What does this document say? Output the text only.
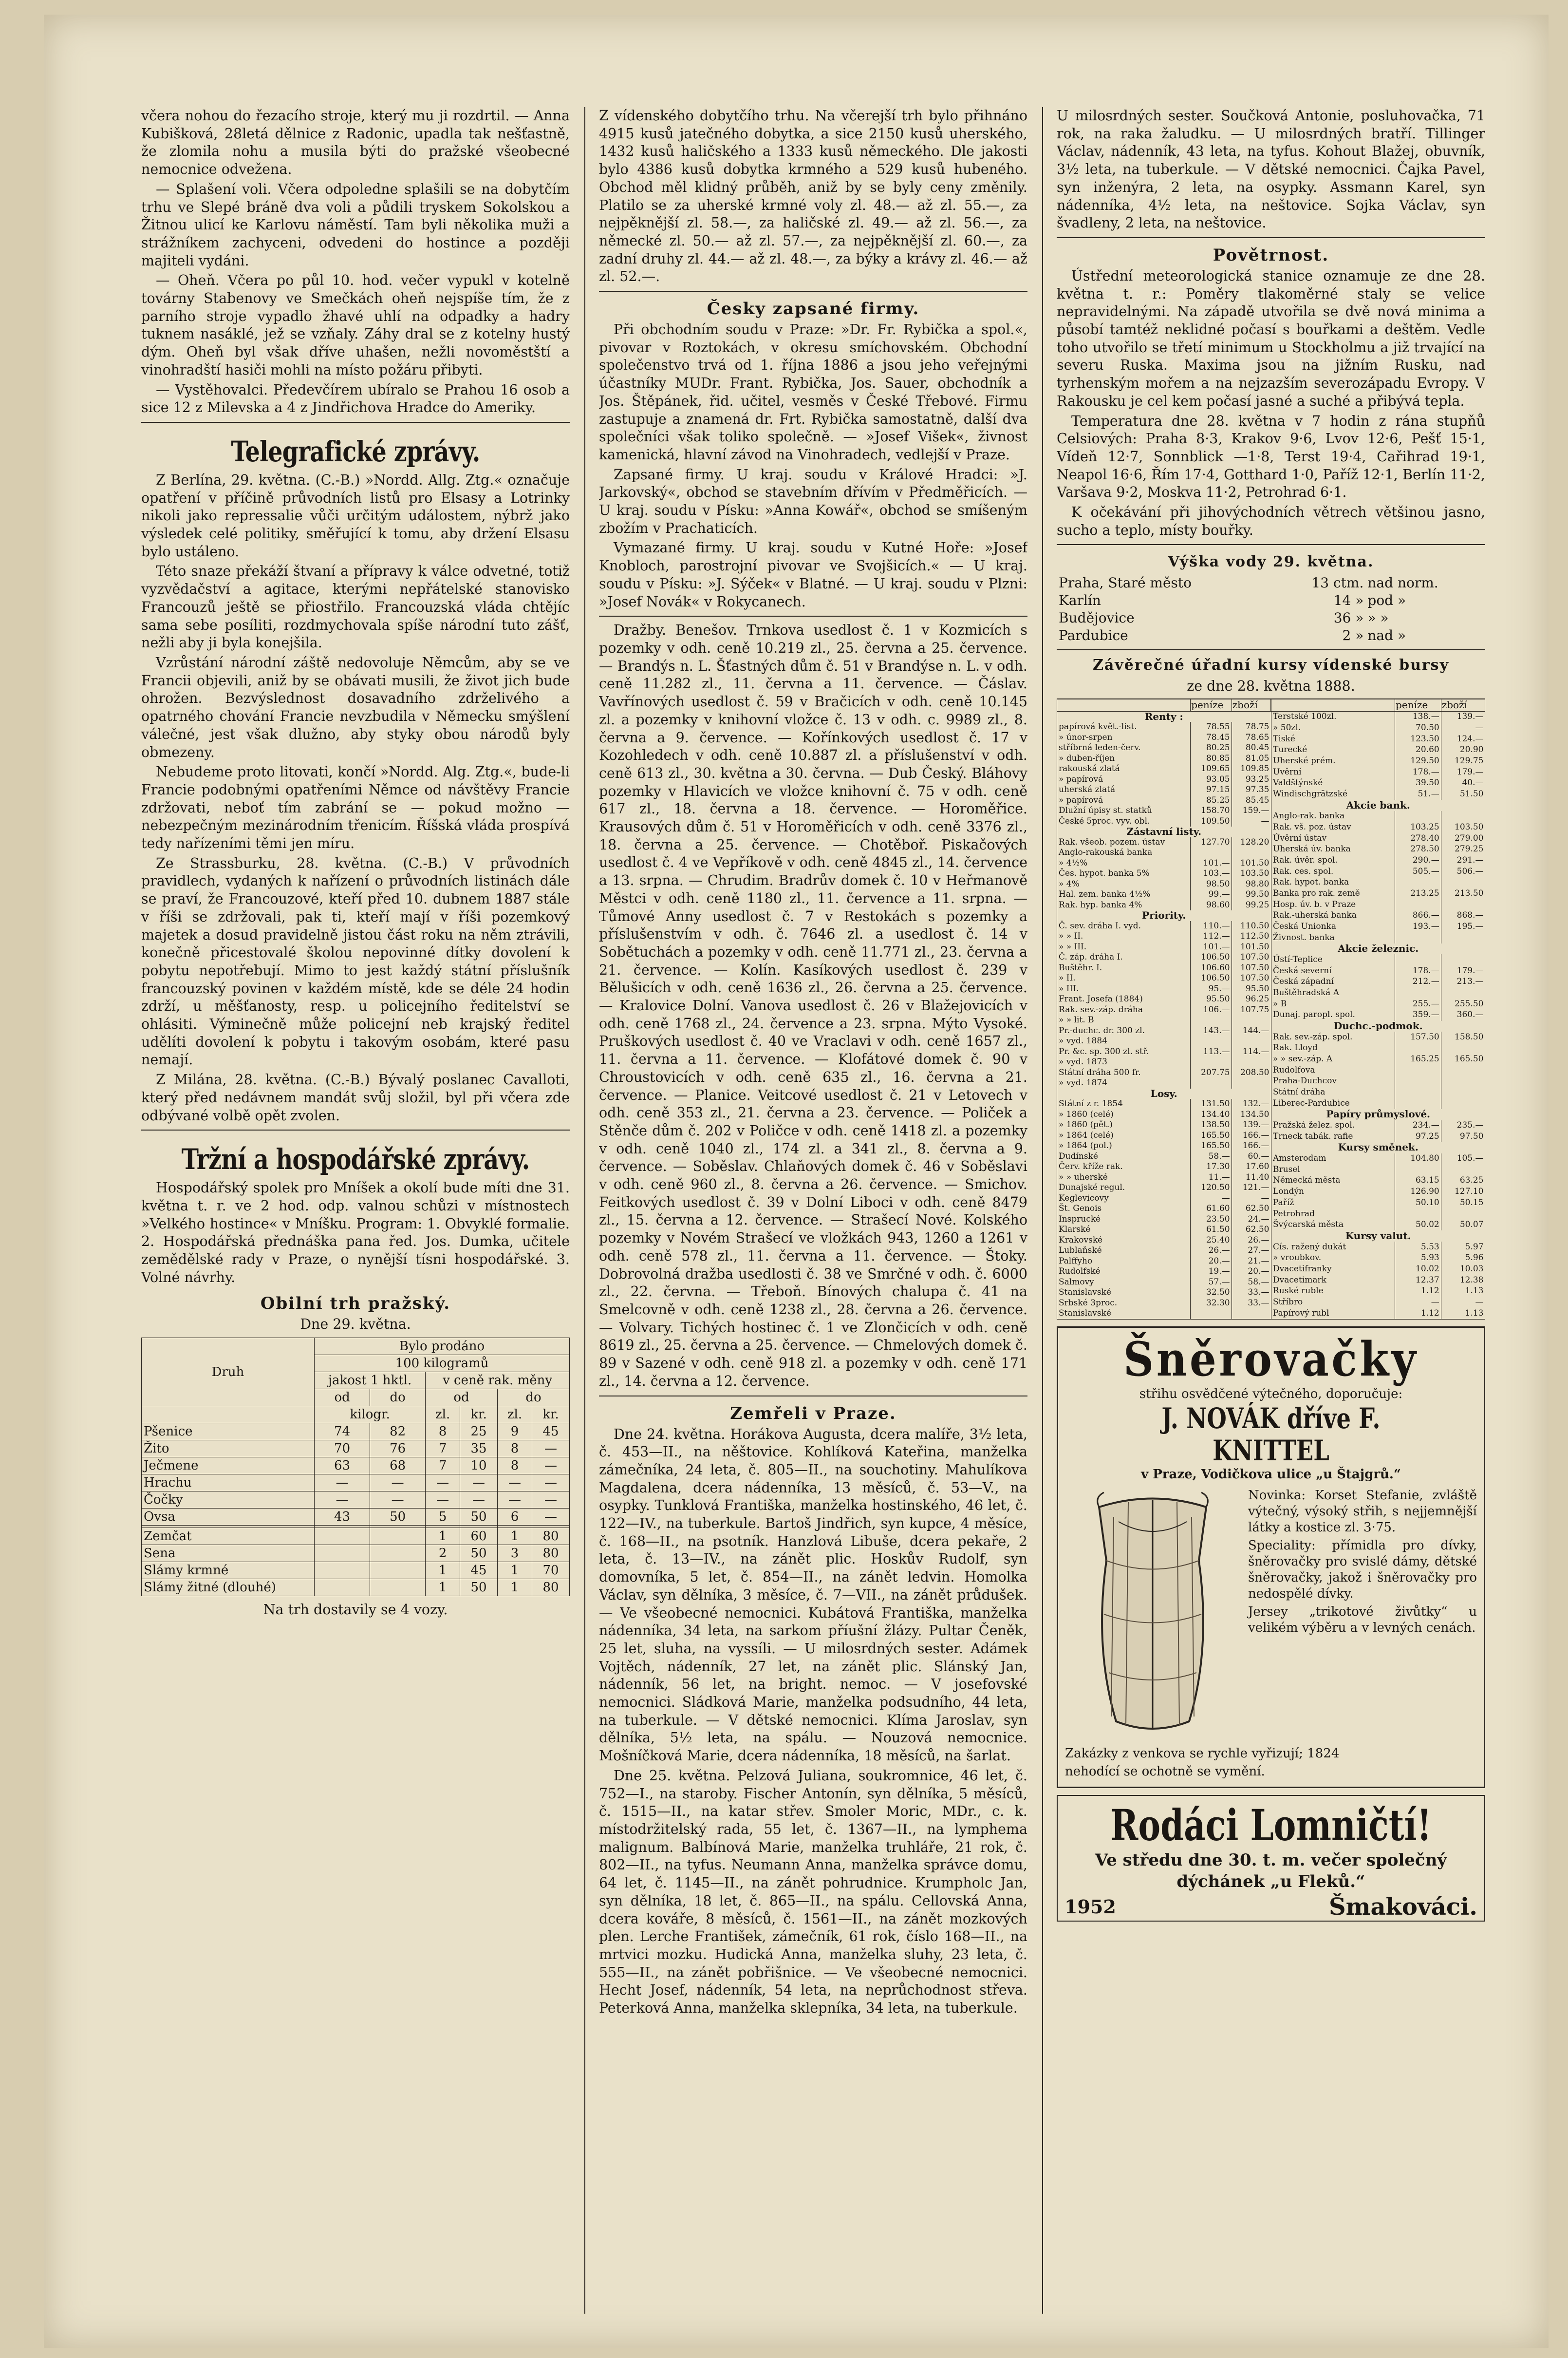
včera nohou do řezacího stroje, který mu ji rozdrtil. — Anna Kubišková, 28letá dělnice z Radonic, upadla tak nešťastně, že zlomila nohu a musila býti do pražské všeobecné nemocnice odvežena.

— Splašení voli. Včera odpoledne splašili se na dobytčím trhu ve Slepé bráně dva voli a půdili tryskem Sokolskou a Žitnou ulicí ke Karlovu náměstí. Tam byli několika muži a strážníkem zachyceni, odvedeni do hostince a později majiteli vydáni.

— Oheň. Včera po půl 10. hod. večer vypukl v kotelně továrny Stabenovy ve Smečkách oheň nejspíše tím, že z parního stroje vypadlo žhavé uhlí na odpadky a hadry tuknem nasáklé, jež se vzňaly. Záhy dral se z kotelny hustý dým. Oheň byl však dříve uhašen, nežli novoměstští a vinohradští hasiči mohli na místo požáru přibyti.

— Vystěhovalci. Předevčírem ubíralo se Prahou 16 osob a sice 12 z Milevska a 4 z Jindřichova Hradce do Ameriky.

Telegrafické zprávy.

Z Berlína, 29. května. (C.-B.) »Nordd. Allg. Ztg.« označuje opatření v příčině průvodních listů pro Elsasy a Lotrinky nikoli jako repressalie vůči určitým událostem, nýbrž jako výsledek celé politiky, směřující k tomu, aby držení Elsasu bylo ustáleno.

Této snaze překáží štvaní a přípravy k válce odvetné, totiž vyzvědačství a agitace, kterými nepřátelské stanovisko Francouzů ještě se přiostřilo. Francouzská vláda chtějíc sama sebe posíliti, rozdmychovala spíše národní tuto zášť, nežli aby ji byla konejšila.

Vzrůstání národní záště nedovoluje Němcům, aby se ve Francii objevili, aniž by se obávati musili, že život jich bude ohrožen. Bezvýslednost dosavadního zdrželivého a opatrného chování Francie nevzbudila v Německu smýšlení válečné, jest však dlužno, aby styky obou národů byly obmezeny.

Nebudeme proto litovati, končí »Nordd. Alg. Ztg.«, bude-li Francie podobnými opatřeními Němce od návštěvy Francie zdržovati, neboť tím zabrání se — pokud možno — nebezpečným mezinárodním třenicím. Říšská vláda prospívá tedy nařízeními těmi jen míru.

Ze Strassburku, 28. května. (C.-B.) V průvodních pravidlech, vydaných k nařízení o průvodních listinách dále se praví, že Francouzové, kteří před 10. dubnem 1887 stále v říši se zdržovali, pak ti, kteří mají v říši pozemkový majetek a dosud pravidelně jistou část roku na něm ztrávili, konečně přicestovalé školou nepovinné dítky dovolení k pobytu nepotřebují. Mimo to jest každý státní příslušník francouzský povinen v každém místě, kde se déle 24 hodin zdrží, u měšťanosty, resp. u policejního ředitelství se ohlásiti. Výminečně může policejní neb krajský ředitel udělíti dovolení k pobytu i takovým osobám, které pasu nemají.

Z Milána, 28. května. (C.-B.) Bývalý poslanec Cavalloti, který před nedávnem mandát svůj složil, byl při včera zde odbývané volbě opět zvolen.

Tržní a hospodářské zprávy.

Hospodářský spolek pro Mníšek a okolí bude míti dne 31. května t. r. ve 2 hod. odp. valnou schůzi v místnostech »Velkého hostince« v Mníšku. Program: 1. Obvyklé formalie. 2. Hospodářská přednáška pana řed. Jos. Dumka, učitele zemědělské rady v Praze, o nynější tísni hospodářské. 3. Volné návrhy.

Obilní trh pražský.
Dne 29. května.
Druh	Bylo prodáno					
	100 kilogramů					
	jakost 1 hktl.		v ceně rak. měny			
	od	do	od		do	
	kilogr.		zl.	kr.	zl.	kr.
Pšenice	74	82	8	25	9	45
Žito	70	76	7	35	8	—
Ječmene	63	68	7	10	8	—
Hrachu	—	—	—	—	—	—
Čočky	—	—	—	—	—	—
Ovsa	43	50	5	50	6	—

Zemčat			1	60	1	80
Sena			2	50	3	80
Slámy krmné			1	45	1	70
Slámy žitné (dlouhé)			1	50	1	80
Na trh dostavily se 4 vozy.

Z vídenského dobytčího trhu. Na včerejší trh bylo přihnáno 4915 kusů jatečného dobytka, a sice 2150 kusů uherského, 1432 kusů haličského a 1333 kusů německého. Dle jakosti bylo 4386 kusů dobytka krmného a 529 kusů hubeného. Obchod měl klidný průběh, aniž by se byly ceny změnily. Platilo se za uherské krmné voly zl. 48.— až zl. 55.—, za nejpěknější zl. 58.—, za haličské zl. 49.— až zl. 56.—, za německé zl. 50.— až zl. 57.—, za nejpěknější zl. 60.—, za zadní druhy zl. 44.— až zl. 48.—, za býky a krávy zl. 46.— až zl. 52.—.

Česky zapsané firmy.

Při obchodním soudu v Praze: »Dr. Fr. Rybička a spol.«, pivovar v Roztokách, v okresu smíchovském. Obchodní společenstvo trvá od 1. října 1886 a jsou jeho veřejnými účastníky MUDr. Frant. Rybička, Jos. Sauer, obchodník a Jos. Štěpánek, řid. učitel, vesměs v České Třebové. Firmu zastupuje a znamená dr. Frt. Rybička samostatně, další dva společníci však toliko společně. — »Josef Višek«, živnost kamenická, hlavní závod na Vinohradech, vedlejší v Praze.

Zapsané firmy. U kraj. soudu v Králové Hradci: »J. Jarkovský«, obchod se stavebním dřívím v Předměřicích. — U kraj. soudu v Písku: »Anna Kowář«, obchod se smíšeným zbožím v Prachaticích.

Vymazané firmy. U kraj. soudu v Kutné Hoře: »Josef Knobloch, parostrojní pivovar ve Svojšicích.« — U kraj. soudu v Písku: »J. Sýček« v Blatné. — U kraj. soudu v Plzni: »Josef Novák« v Rokycanech.

Dražby. Benešov. Trnkova usedlost č. 1 v Kozmicích s pozemky v odh. ceně 10.219 zl., 25. června a 25. července. — Brandýs n. L. Šťastných dům č. 51 v Brandýse n. L. v odh. ceně 11.282 zl., 11. června a 11. července. — Čáslav. Vavřínových usedlost č. 59 v Bračicích v odh. ceně 10.145 zl. a pozemky v knihovní vložce č. 13 v odh. c. 9989 zl., 8. června a 9. července. — Kořínkových usedlost č. 17 v Kozohledech v odh. ceně 10.887 zl. a příslušenství v odh. ceně 613 zl., 30. května a 30. června. — Dub Český. Bláhovy pozemky v Hlavicích ve vložce knihovní č. 75 v odh. ceně 617 zl., 18. června a 18. července. — Horoměřice. Krausových dům č. 51 v Horoměřicích v odh. ceně 3376 zl., 18. června a 25. července. — Chotěboř. Piskačových usedlost č. 4 ve Vepříkově v odh. ceně 4845 zl., 14. července a 13. srpna. — Chrudim. Bradrův domek č. 10 v Heřmanově Městci v odh. ceně 1180 zl., 11. července a 11. srpna. — Tůmové Anny usedlost č. 7 v Restokách s pozemky a příslušenstvím v odh. č. 7646 zl. a usedlost č. 14 v Sobětuchách a pozemky v odh. ceně 11.771 zl., 23. června a 21. července. — Kolín. Kasíkových usedlost č. 239 v Bělušicích v odh. ceně 1636 zl., 26. června a 25. července. — Kralovice Dolní. Vanova usedlost č. 26 v Blažejovicích v odh. ceně 1768 zl., 24. července a 23. srpna. Mýto Vysoké. Pruškových usedlost č. 40 ve Vraclavi v odh. ceně 1657 zl., 11. června a 11. července. — Klofátové domek č. 90 v Chroustovicích v odh. ceně 635 zl., 16. června a 21. července. — Planice. Veitcové usedlost č. 21 v Letovech v odh. ceně 353 zl., 21. června a 23. července. — Poliček a Stěnče dům č. 202 v Poličce v odh. ceně 1418 zl. a pozemky v odh. ceně 1040 zl., 174 zl. a 341 zl., 8. června a 9. července. — Soběslav. Chlaňových domek č. 46 v Soběslavi v odh. ceně 960 zl., 8. června a 26. července. — Smichov. Feitkových usedlost č. 39 v Dolní Liboci v odh. ceně 8479 zl., 15. června a 12. července. — Strašecí Nové. Kolského pozemky v Novém Strašecí ve vložkách 943, 1260 a 1261 v odh. ceně 578 zl., 11. června a 11. července. — Štoky. Dobrovolná dražba usedlosti č. 38 ve Smrčné v odh. č. 6000 zl., 22. června. — Třeboň. Bínových chalupa č. 41 na Smelcovně v odh. ceně 1238 zl., 28. června a 26. července. — Volvary. Tichých hostinec č. 1 ve Zlončicích v odh. ceně 8619 zl., 25. června a 25. července. — Chmelových domek č. 89 v Sazené v odh. ceně 918 zl. a pozemky v odh. ceně 171 zl., 14. června a 12. července.

Zemřeli v Praze.

Dne 24. května. Horákova Augusta, dcera malíře, 3½ leta, č. 453—II., na něštovice. Kohlíková Kateřina, manželka zámečníka, 24 leta, č. 805—II., na souchotiny. Mahulíkova Magdalena, dcera nádenníka, 13 měsíců, č. 53—V., na osypky. Tunklová Františka, manželka hostinského, 46 let, č. 122—IV., na tuberkule. Bartoš Jindřich, syn kupce, 4 měsíce, č. 168—II., na psotník. Hanzlová Libuše, dcera pekaře, 2 leta, č. 13—IV., na zánět plic. Hoskův Rudolf, syn domovníka, 5 let, č. 854—II., na zánět ledvin. Homolka Václav, syn dělníka, 3 měsíce, č. 7—VII., na zánět průdušek. — Ve všeobecné nemocnici. Kubátová Františka, manželka nádenníka, 34 leta, na sarkom příušní žlázy. Pultar Čeněk, 25 let, sluha, na vyssíli. — U milosrdných sester. Adámek Vojtěch, nádenník, 27 let, na zánět plic. Slánský Jan, nádenník, 56 let, na bright. nemoc. — V josefovské nemocnici. Sládková Marie, manželka podsudního, 44 leta, na tuberkule. — V dětské nemocnici. Klíma Jaroslav, syn dělníka, 5½ leta, na spálu. — Nouzová nemocnice. Mošníčková Marie, dcera nádenníka, 18 měsíců, na šarlat.

Dne 25. května. Pelzová Juliana, soukromnice, 46 let, č. 752—I., na staroby. Fischer Antonín, syn dělníka, 5 měsíců, č. 1515—II., na katar střev. Smoler Moric, MDr., c. k. místodržitelský rada, 55 let, č. 1367—II., na lymphema malignum. Balbínová Marie, manželka truhláře, 21 rok, č. 802—II., na tyfus. Neumann Anna, manželka správce domu, 64 let, č. 1145—II., na zánět pohrudnice. Krumpholc Jan, syn dělníka, 18 let, č. 865—II., na spálu. Cellovská Anna, dcera kováře, 8 měsíců, č. 1561—II., na zánět mozkových plen. Lerche František, zámečník, 61 rok, číslo 168—II., na mrtvici mozku. Hudická Anna, manželka sluhy, 23 leta, č. 555—II., na zánět pobřišnice. — Ve všeobecné nemocnici. Hecht Josef, nádenník, 54 leta, na neprůchodnost střeva. Peterková Anna, manželka sklepníka, 34 leta, na tuberkule.

U milosrdných sester. Součková Antonie, posluhovačka, 71 rok, na raka žaludku. — U milosrdných bratří. Tillinger Václav, nádenník, 43 leta, na tyfus. Kohout Blažej, obuvník, 3½ leta, na tuberkule. — V dětské nemocnici. Čajka Pavel, syn inženýra, 2 leta, na osypky. Assmann Karel, syn nádenníka, 4½ leta, na neštovice. Sojka Václav, syn švadleny, 2 leta, na neštovice.

Povětrnost.

Ústřední meteorologická stanice oznamuje ze dne 28. května t. r.: Poměry tlakoměrné staly se velice nepravidelnými. Na západě utvořila se dvě nová minima a působí tamtéž neklidné počasí s bouřkami a deštěm. Vedle toho utvořilo se třetí minimum u Stockholmu a již trvající na severu Ruska. Maxima jsou na jižním Rusku, nad tyrhenským mořem a na nejzazším severozápadu Evropy. V Rakousku je cel kem počasí jasné a suché a přibývá tepla.

Temperatura dne 28. května v 7 hodin z rána stupňů Celsiových: Praha 8·3, Krakov 9·6, Lvov 12·6, Pešť 15·1, Vídeň 12·7, Sonnblick —1·8, Terst 19·4, Cařihrad 19·1, Neapol 16·6, Řím 17·4, Gotthard 1·0, Paříž 12·1, Berlín 11·2, Varšava 9·2, Moskva 11·2, Petrohrad 6·1.

K očekávání při jihovýchodních větrech většinou jasno, sucho a teplo, místy bouřky.

Výška vody 29. května.
Praha, Staré město	13 ctm.	nad norm.
Karlín	14 »	pod »
Budějovice	36 »	» »
Pardubice	2 »	nad »
Závěrečné úřadní kursy vídenské bursy
ze dne 28. května 1888.
	peníze	zboží
Renty :		
papírová květ.-list.	78.55	78.75
» únor-srpen	78.45	78.65
stříbrná leden-červ.	80.25	80.45
» duben-říjen	80.85	81.05
rakouská zlatá	109.65	109.85
» papírová	93.05	93.25
uherská zlatá	97.15	97.35
» papírová	85.25	85.45
Dlužní úpisy st. statků	158.70	159.—

České 5proc. vyv. obl.	109.50	—
Zástavní listy.		
Rak. všeob. pozem. ústav	127.70	128.20
Anglo-rakouská banka		
» 4½%	101.—	101.50
Čes. hypot. banka 5%	103.—	103.50
» 4%	98.50	98.80
Hal. zem. banka 4½%	99.—	99.50
Rak. hyp. banka 4%	98.60	99.25
Priority.		
Č. sev. dráha I. vyd.	110.—	110.50
» » II.	112.—	112.50
» » III.	101.—	101.50
Č. záp. dráha I.	106.50	107.50
Buštěhr. I.	106.60	107.50
» II.	106.50	107.50
» III.	95.—	95.50
Frant. Josefa (1884)	95.50	96.25
Rak. sev.-záp. dráha	106.—	107.75
» » lit. B		
Pr.-duchc. dr. 300 zl.	143.—	144.—
» vyd. 1884		
Pr. &c. sp. 300 zl. stř.	113.—	114.—
» vyd. 1873		
Státní dráha 500 fr.	207.75	208.50
» vyd. 1874		
Losy.		
Státní z r. 1854	131.50	132.—
» 1860 (celé)	134.40	134.50
» 1860 (pět.)	138.50	139.—
» 1864 (celé)	165.50	166.—
» 1864 (pol.)	165.50	166.—
Dudínské	58.—	60.—
Červ. kříže rak.	17.30	17.60
» » uherské	11.—	11.40
Dunajské regul.	120.50	121.—
Keglevicovy	—	—
Št. Genois	61.60	62.50
Insprucké	23.50	24.—
Klarské	61.50	62.50
Krakovské	25.40	26.—
Lublaňské	26.—	27.—
Palffyho	20.—	21.—
Rudolfské	19.—	20.—
Salmovy	57.—	58.—
Stanislavské	32.50	33.—
Srbské 3proc.	32.30	33.—
Stanislavské		
	peníze	zboží
Terstské 100zl.	138.—	139.—
» 50zl.	70.50	—
Tiské	123.50	124.—
Turecké	20.60	20.90
Uherské prém.	129.50	129.75
Uvěrní	178.—	179.—
Valdštýnské	39.50	40.—
Windischgrätzské	51.—	51.50
Akcie bank.		
Anglo-rak. banka		
Rak. vš. poz. ústav	103.25	103.50
Úvěrní ústav	278.40	279.00
Uherská úv. banka	278.50	279.25
Rak. úvěr. spol.	290.—	291.—
Rak. ces. spol.	505.—	506.—
Rak. hypot. banka		
Banka pro rak. země	213.25	213.50
Hosp. úv. b. v Praze		
Rak.-uherská banka	866.—	868.—
Česká Unionka	193.—	195.—
Živnost. banka		
Akcie železnic.		
Ústí-Teplice		
Česká severní	178.—	179.—
Česká západní	212.—	213.—
Buštěhradská A		
» B	255.—	255.50
Dunaj. paropl. spol.	359.—	360.—
Duchc.-podmok.		
Rak. sev.-záp. spol.	157.50	158.50
Rak. Lloyd		
» » sev.-záp. A	165.25	165.50
Rudolfova		
Praha-Duchcov		
Státní dráha		
Liberec-Pardubice		
Papíry průmyslové.		
Pražská želez. spol.	234.—	235.—
Trneck tabák. rafie	97.25	97.50

Kursy směnek.		
Amsterodam	104.80	105.—
Brusel		
Německá města	63.15	63.25
Londýn	126.90	127.10
Paříž	50.10	50.15
Petrohrad		
Švýcarská města	50.02	50.07

Kursy valut.		
Cís. ražený dukát	5.53	5.97
» vroubkov.	5.93	5.96
Dvacetifranky	10.02	10.03
Dvacetimark	12.37	12.38
Ruské ruble	1.12	1.13
Stříbro	—	—
Papírový rubl	1.12	1.13
Šněrovačky
střihu osvědčené výtečného, doporučuje:
J. NOVÁK dříve F. KNITTEL
v Praze, Vodičkova ulice „u Štajgrů.“

Novinka: Korset Stefanie, zvláště výtečný, výsoký střih, s nejjemnější látky a kostice zl. 3·75.

Speciality: přímidla pro dívky, šněrovačky pro svislé dámy, dětské šněrovačky, jakož i šněrovačky pro nedospělé dívky.

Jersey „trikotové živůtky“ u velikém výběru a v levných cenách.

Zakázky z venkova se rychle vyřizují; 1824

nehodící se ochotně se vymění.

Rodáci Lomničtí!
Ve středu dne 30. t. m. večer společný dýchánek „u Fleků.“
1952	Šmakováci.
